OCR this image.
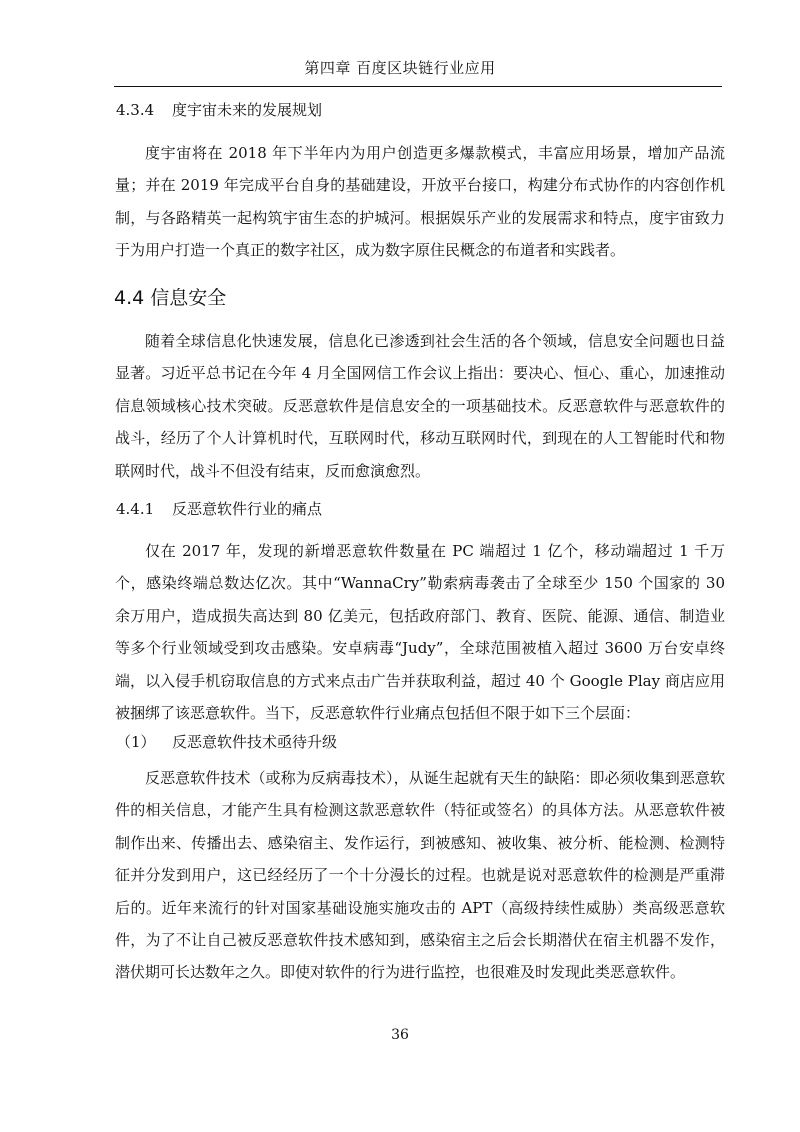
第四章 百度区块链行业应用
4.3.4 度宇宙未来的发展规划

度宇宙将在 2018 年下半年内为用户创造更多爆款模式，丰富应用场景，增加产品流量；并在 2019 年完成平台自身的基础建设，开放平台接口，构建分布式协作的内容创作机制，与各路精英一起构筑宇宙生态的护城河。根据娱乐产业的发展需求和特点，度宇宙致力于为用户打造一个真正的数字社区，成为数字原住民概念的布道者和实践者。

4.4 信息安全

随着全球信息化快速发展，信息化已渗透到社会生活的各个领域，信息安全问题也日益显著。习近平总书记在今年 4 月全国网信工作会议上指出：要决心、恒心、重心，加速推动信息领域核心技术突破。反恶意软件是信息安全的一项基础技术。反恶意软件与恶意软件的战斗，经历了个人计算机时代，互联网时代，移动互联网时代，到现在的人工智能时代和物联网时代，战斗不但没有结束，反而愈演愈烈。

4.4.1 反恶意软件行业的痛点

仅在 2017 年，发现的新增恶意软件数量在 PC 端超过 1 亿个，移动端超过 1 千万个，感染终端总数达亿次。其中“WannaCry”勒索病毒袭击了全球至少 150 个国家的 30 余万用户，造成损失高达到 80 亿美元，包括政府部门、教育、医院、能源、通信、制造业等多个行业领域受到攻击感染。安卓病毒“Judy”，全球范围被植入超过 3600 万台安卓终端，以入侵手机窃取信息的方式来点击广告并获取利益，超过 40 个 Google Play 商店应用被捆绑了该恶意软件。当下，反恶意软件行业痛点包括但不限于如下三个层面：

（1） 反恶意软件技术亟待升级

反恶意软件技术（或称为反病毒技术），从诞生起就有天生的缺陷：即必须收集到恶意软件的相关信息，才能产生具有检测这款恶意软件（特征或签名）的具体方法。从恶意软件被制作出来、传播出去、感染宿主、发作运行，到被感知、被收集、被分析、能检测、检测特征并分发到用户，这已经经历了一个十分漫长的过程。也就是说对恶意软件的检测是严重滞后的。近年来流行的针对国家基础设施实施攻击的 APT（高级持续性威胁）类高级恶意软件，为了不让自己被反恶意软件技术感知到，感染宿主之后会长期潜伏在宿主机器不发作，潜伏期可长达数年之久。即使对软件的行为进行监控，也很难及时发现此类恶意软件。

36
